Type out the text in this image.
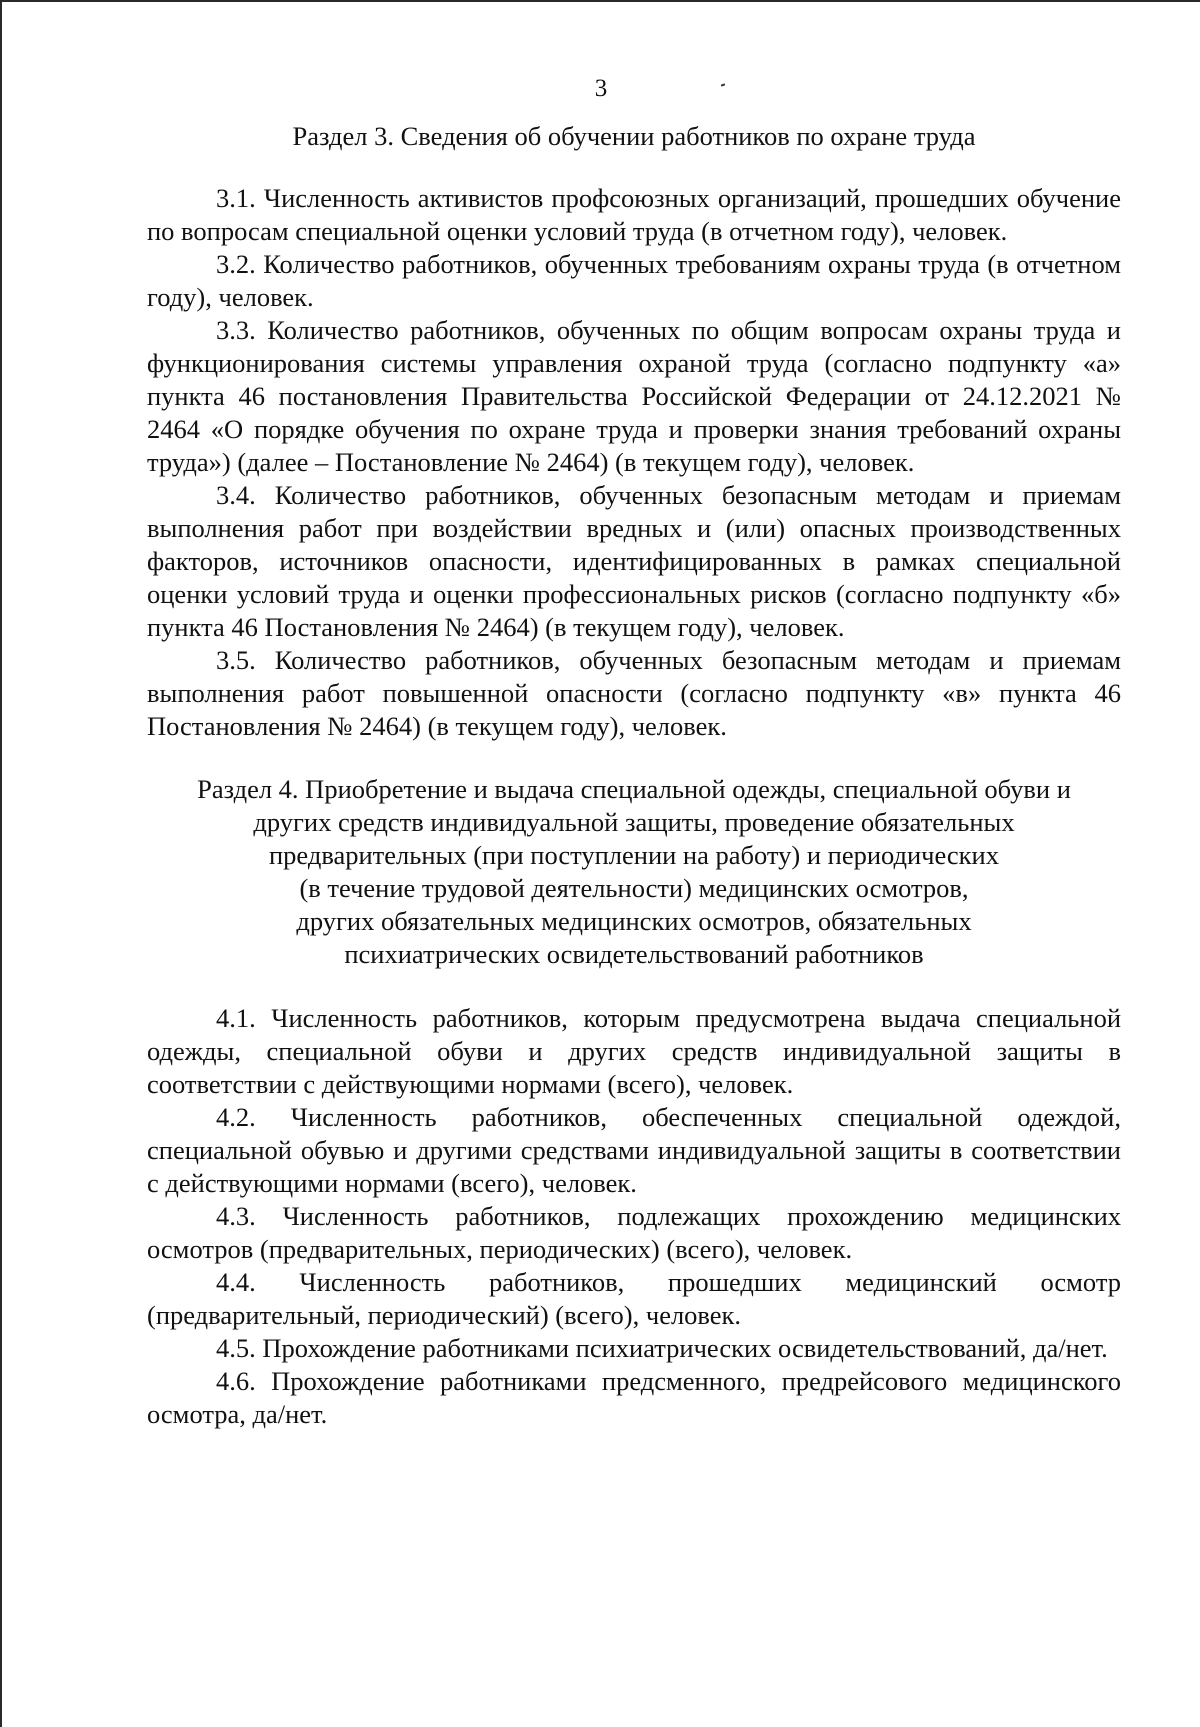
3

Раздел 3. Сведения об обучении работников по охране труда

3.1. Численность активистов профсоюзных организаций, прошедших обучение по вопросам специальной оценки условий труда (в отчетном году), человек.

3.2. Количество работников, обученных требованиям охраны труда (в отчетном году), человек.

3.3. Количество работников, обученных по общим вопросам охраны труда и функционирования системы управления охраной труда (согласно подпункту «а» пункта 46 постановления Правительства Российской Федерации от 24.12.2021 № 2464 «О порядке обучения по охране труда и проверки знания требований охраны труда») (далее – Постановление № 2464) (в текущем году), человек.

3.4. Количество работников, обученных безопасным методам и приемам выполнения работ при воздействии вредных и (или) опасных производственных факторов, источников опасности, идентифицированных в рамках специальной оценки условий труда и оценки профессиональных рисков (согласно подпункту «б» пункта 46 Постановления № 2464) (в текущем году), человек.

3.5. Количество работников, обученных безопасным методам и приемам выполнения работ повышенной опасности (согласно подпункту «в» пункта 46 Постановления № 2464) (в текущем году), человек.

Раздел 4. Приобретение и выдача специальной одежды, специальной обуви и
других средств индивидуальной защиты, проведение обязательных
предварительных (при поступлении на работу) и периодических
(в течение трудовой деятельности) медицинских осмотров,
других обязательных медицинских осмотров, обязательных
психиатрических освидетельствований работников

4.1. Численность работников, которым предусмотрена выдача специальной одежды, специальной обуви и других средств индивидуальной защиты в соответствии с действующими нормами (всего), человек.

4.2. Численность работников, обеспеченных специальной одеждой, специальной обувью и другими средствами индивидуальной защиты в соответствии с действующими нормами (всего), человек.

4.3. Численность работников, подлежащих прохождению медицинских осмотров (предварительных, периодических) (всего), человек.

4.4. Численность работников, прошедших медицинский осмотр (предварительный, периодический) (всего), человек.

4.5. Прохождение работниками психиатрических освидетельствований, да/нет.

4.6. Прохождение работниками предсменного, предрейсового медицинского осмотра, да/нет.
